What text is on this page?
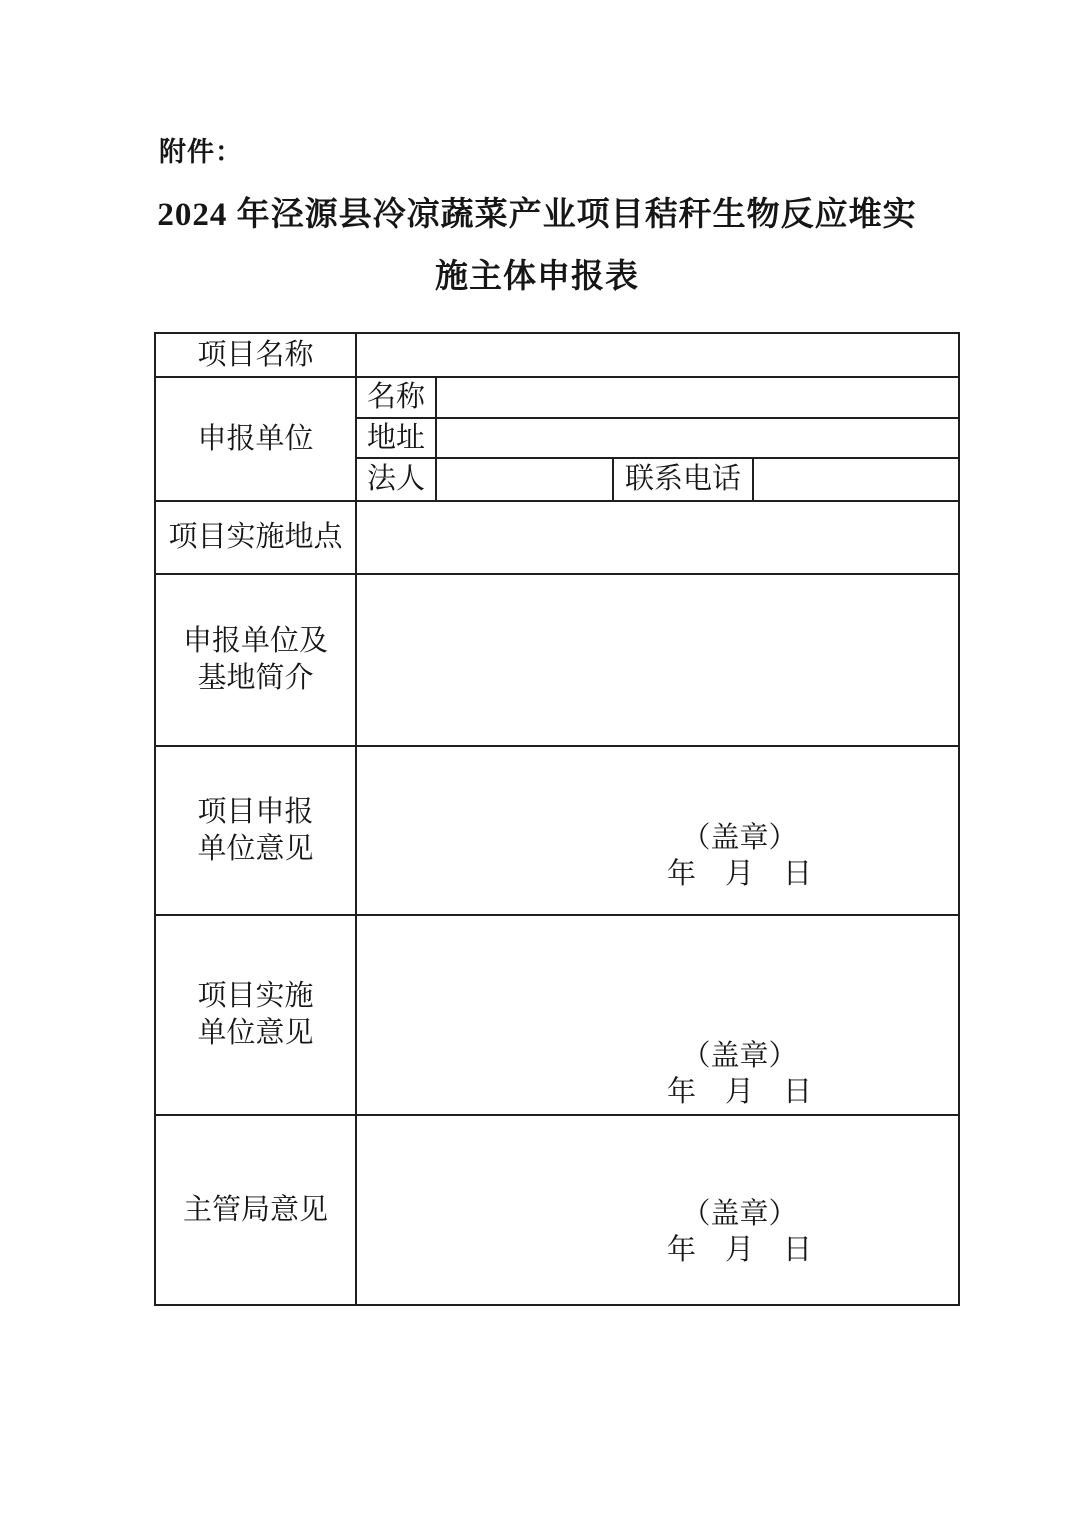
附件：
2024 年泾源县冷凉蔬菜产业项目秸秆生物反应堆实
施主体申报表
项目名称				
申报单位	名称			
	地址			
	法人		联系电话	
项目实施地点				

申报单位及
基地简介				

项目申报
单位意见	（盖章）
年　月　日			

项目实施
单位意见	（盖章）
年　月　日			

主管局意见	（盖章）
年　月　日			
